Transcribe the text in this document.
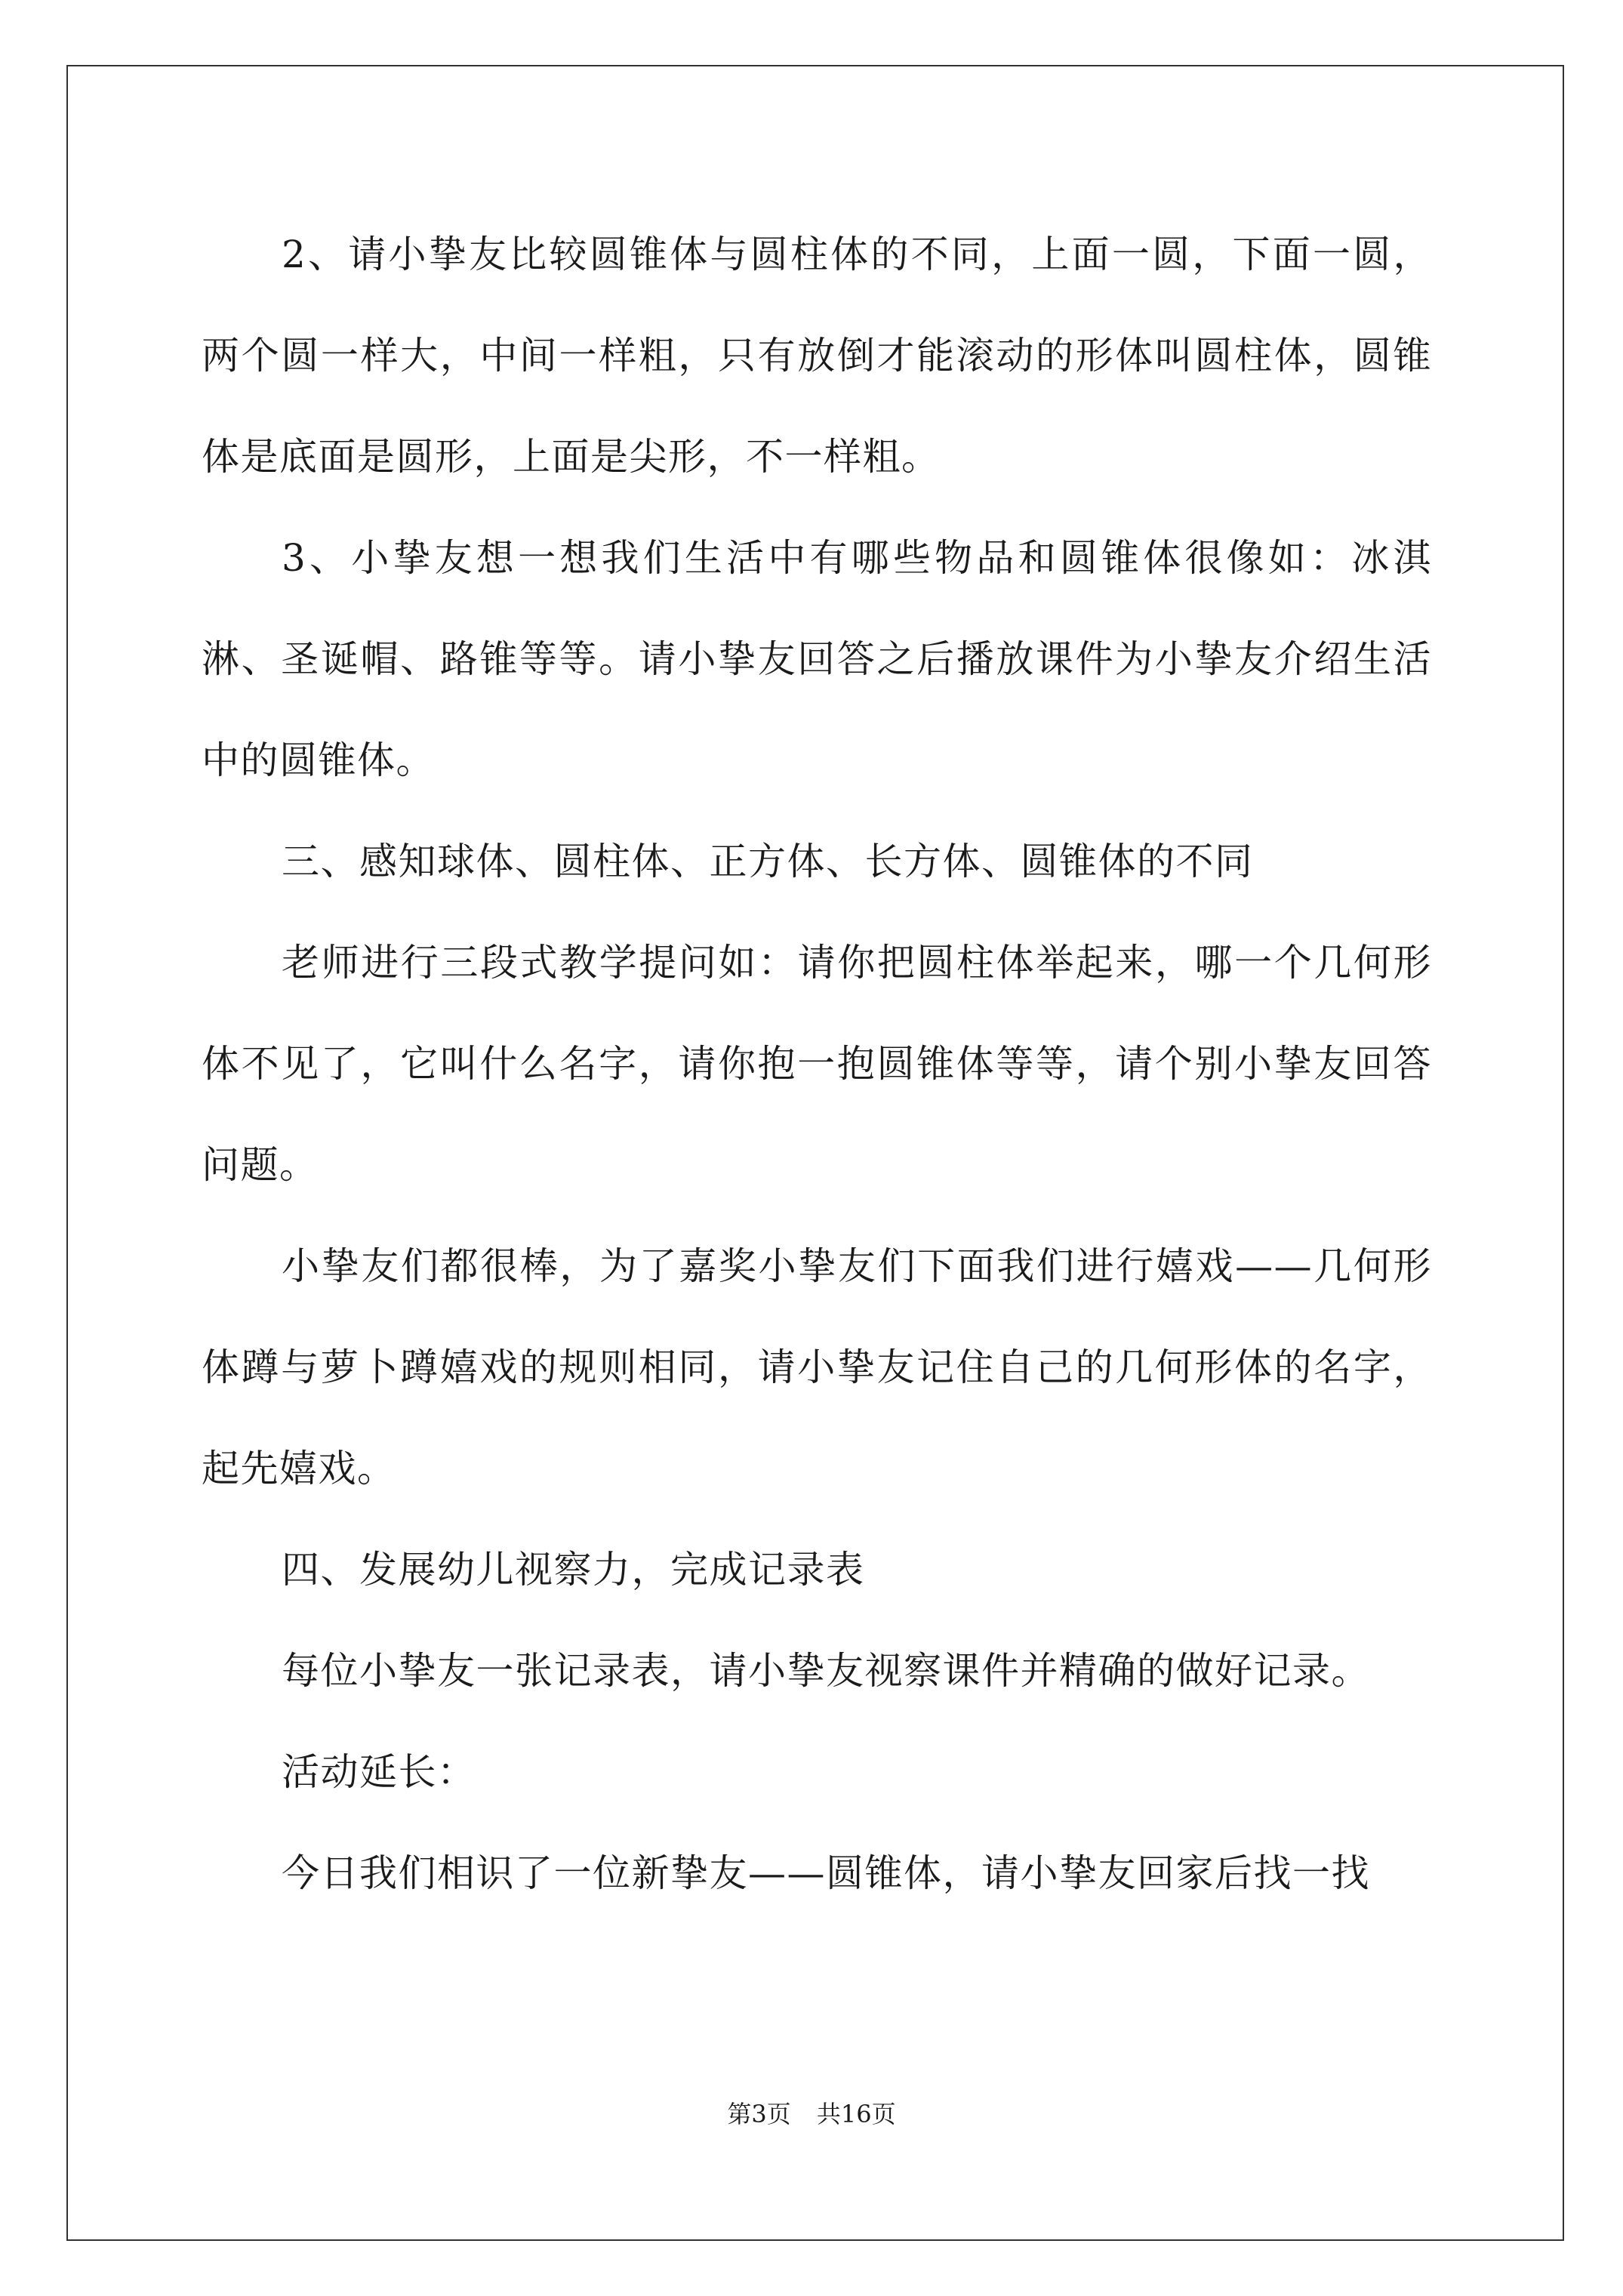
2、请小挚友比较圆锥体与圆柱体的不同，上面一圆，下面一圆，两个圆一样大，中间一样粗，只有放倒才能滚动的形体叫圆柱体，圆锥体是底面是圆形，上面是尖形，不一样粗。

3、小挚友想一想我们生活中有哪些物品和圆锥体很像如：冰淇淋、圣诞帽、路锥等等。请小挚友回答之后播放课件为小挚友介绍生活中的圆锥体。

三、感知球体、圆柱体、正方体、长方体、圆锥体的不同

老师进行三段式教学提问如：请你把圆柱体举起来，哪一个几何形体不见了，它叫什么名字，请你抱一抱圆锥体等等，请个别小挚友回答问题。

小挚友们都很棒，为了嘉奖小挚友们下面我们进行嬉戏——几何形体蹲与萝卜蹲嬉戏的规则相同，请小挚友记住自己的几何形体的名字，起先嬉戏。

四、发展幼儿视察力，完成记录表

每位小挚友一张记录表，请小挚友视察课件并精确的做好记录。

活动延长：

今日我们相识了一位新挚友——圆锥体，请小挚友回家后找一找

第3页 共16页
